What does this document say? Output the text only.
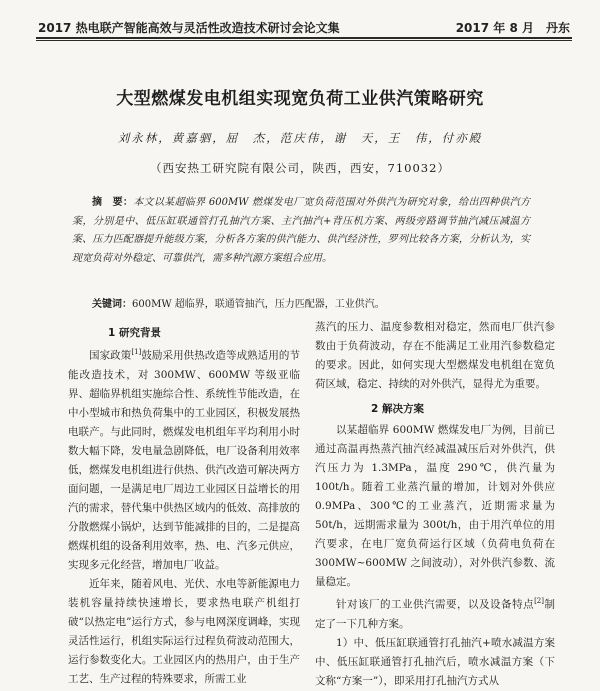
2017 热电联产智能高效与灵活性改造技术研讨会论文集	2017 年 8 月　丹东
大型燃煤发电机组实现宽负荷工业供汽策略研究
刘永林，黄嘉驷，屈　杰，范庆伟，谢　天，王　伟，付亦殿
（西安热工研究院有限公司，陕西，西安，710032）
摘　要：本文以某超临界 600MW 燃煤发电厂宽负荷范围对外供汽为研究对象，给出四种供汽方案，分别是中、低压缸联通管打孔抽汽方案、主汽抽汽+背压机方案、两级旁路调节抽汽减压减温方案、压力匹配器提升能级方案，分析各方案的供汽能力、供汽经济性，罗列比较各方案，分析认为，实现宽负荷对外稳定、可靠供汽，需多种汽源方案组合应用。
关键词：600MW 超临界，联通管抽汽，压力匹配器，工业供汽。
1 研究背景

国家政策[1]鼓励采用供热改造等成熟适用的节能改造技术，对 300MW、600MW 等级亚临界、超临界机组实施综合性、系统性节能改造，在中小型城市和热负荷集中的工业园区，积极发展热电联产。与此同时，燃煤发电机组年平均利用小时数大幅下降，发电量急剧降低，电厂设备利用效率低，燃煤发电机组进行供热、供汽改造可解决两方面问题，一是满足电厂周边工业园区日益增长的用汽的需求，替代集中供热区域内的低效、高排放的分散燃煤小锅炉，达到节能减排的目的，二是提高燃煤机组的设备利用效率，热、电、汽多元供应，实现多元化经营，增加电厂收益。

近年来，随着风电、光伏、水电等新能源电力装机容量持续快速增长，要求热电联产机组打破“以热定电”运行方式，参与电网深度调峰，实现灵活性运行，机组实际运行过程负荷波动范围大，运行参数变化大。工业园区内的热用户，由于生产工艺、生产过程的特殊要求，所需工业

蒸汽的压力、温度参数相对稳定，然而电厂供汽参数由于负荷波动，存在不能满足工业用汽参数稳定的要求。因此，如何实现大型燃煤发电机组在宽负荷区域，稳定、持续的对外供汽，显得尤为重要。

2 解决方案

以某超临界 600MW 燃煤发电厂为例，目前已通过高温再热蒸汽抽汽经减温减压后对外供汽，供汽压力为 1.3MPa，温度 290℃，供汽量为 100t/h。随着工业蒸汽量的增加，计划对外供应 0.9MPa、300℃的工业蒸汽，近期需求量为 50t/h，远期需求量为 300t/h，由于用汽单位的用汽要求，在电厂宽负荷运行区域（负荷电负荷在 300MW~600MW 之间波动），对外供汽参数、流量稳定。

针对该厂的工业供汽需要，以及设备特点[2]制定了一下几种方案。

1）中、低压缸联通管打孔抽汽+喷水减温方案中、低压缸联通管打孔抽汽后，喷水减温方案（下文称“方案一”），即采用打孔抽汽方式从
